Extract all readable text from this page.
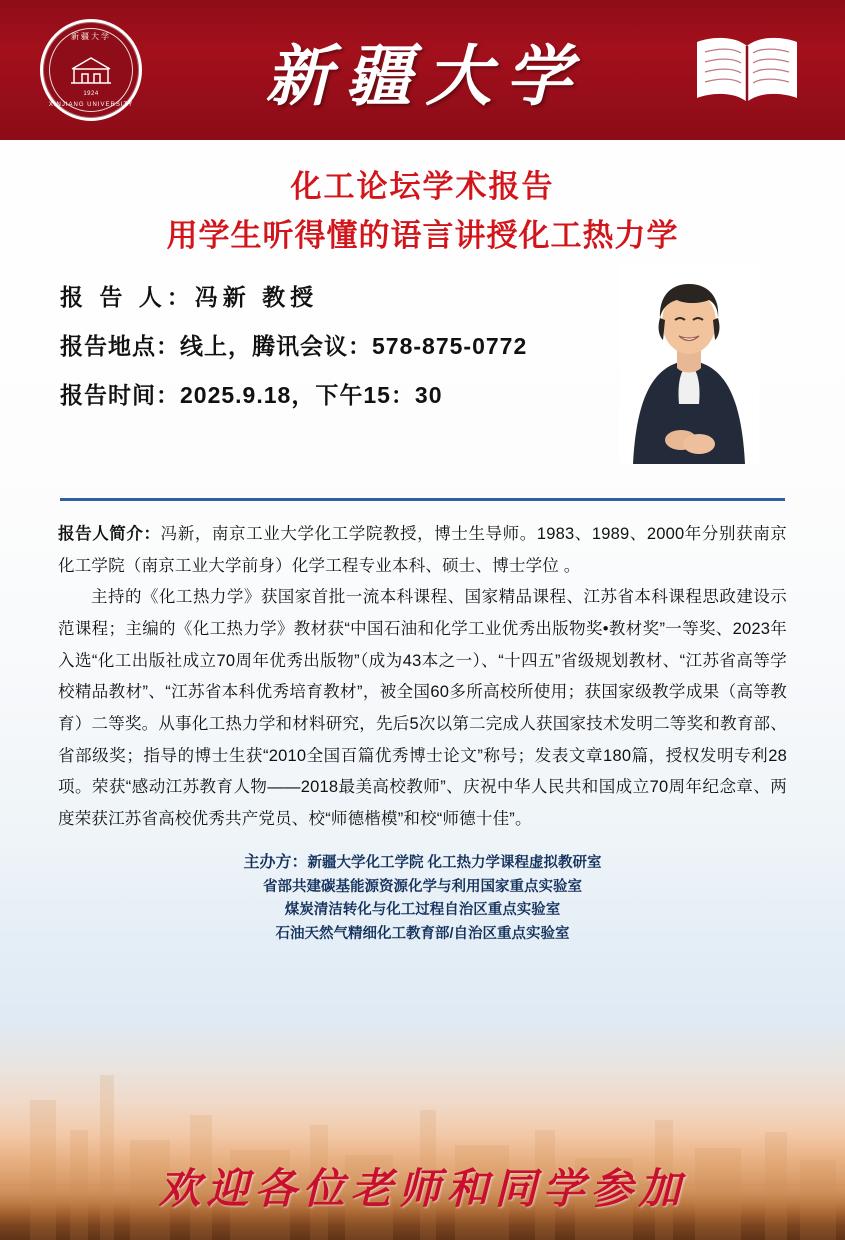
新疆大学
1924
XINJIANG UNIVERSITY	新疆大学
化工论坛学术报告
用学生听得懂的语言讲授化工热力学
报 告 人：冯新 教授
报告地点：线上，腾讯会议：578-875-0772
报告时间：2025.9.18，下午15：30

报告人简介：冯新，南京工业大学化工学院教授，博士生导师。1983、1989、2000年分别获南京化工学院（南京工业大学前身）化学工程专业本科、硕士、博士学位 。

主持的《化工热力学》获国家首批一流本科课程、国家精品课程、江苏省本科课程思政建设示范课程；主编的《化工热力学》教材获“中国石油和化学工业优秀出版物奖•教材奖”一等奖、2023年入选“化工出版社成立70周年优秀出版物”（成为43本之一）、“十四五”省级规划教材、“江苏省高等学校精品教材”、“江苏省本科优秀培育教材”，被全国60多所高校所使用；获国家级教学成果（高等教育）二等奖。从事化工热力学和材料研究，先后5次以第二完成人获国家技术发明二等奖和教育部、省部级奖；指导的博士生获“2010全国百篇优秀博士论文”称号；发表文章180篇，授权发明专利28项。荣获“感动江苏教育人物——2018最美高校教师”、庆祝中华人民共和国成立70周年纪念章、两度荣获江苏省高校优秀共产党员、校“师德楷模”和校“师德十佳”。

主办方：新疆大学化工学院 化工热力学课程虚拟教研室
省部共建碳基能源资源化学与利用国家重点实验室
煤炭清洁转化与化工过程自治区重点实验室
石油天然气精细化工教育部/自治区重点实验室
欢迎各位老师和同学参加
